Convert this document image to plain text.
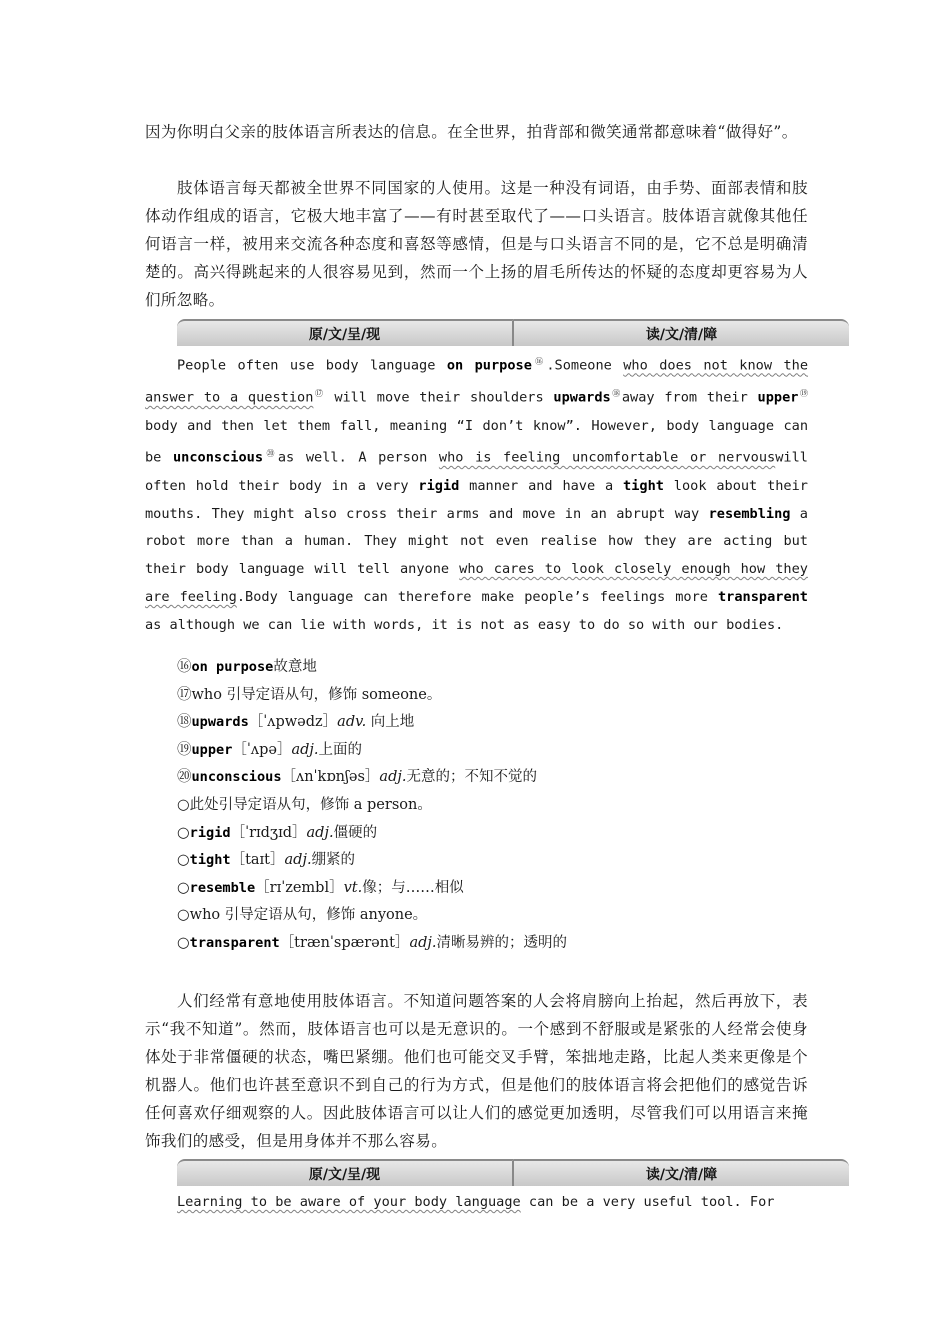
因为你明白父亲的肢体语言所表达的信息。在全世界，拍背部和微笑通常都意味着“做得好”。

肢体语言每天都被全世界不同国家的人使用。这是一种没有词语，由手势、面部表情和肢体动作组成的语言，它极大地丰富了——有时甚至取代了——口头语言。肢体语言就像其他任何语言一样，被用来交流各种态度和喜怒等感情，但是与口头语言不同的是，它不总是明确清楚的。高兴得跳起来的人很容易见到，然而一个上扬的眉毛所传达的怀疑的态度却更容易为人们所忽略。

原/文/呈/现	读/文/清/障

People often use body language on purpose⑯.Someone who does not know the answer to a question⑰ will move their shoulders upwards⑱away from their upper⑲ body and then let them fall, meaning “I don’t know”. However, body language can be unconscious⑳as well. A person who is feeling uncomfortable or nervouswill often hold their body in a very rigid manner and have a tight look about their mouths. They might also cross their arms and move in an abrupt way resembling a robot more than a human. They might not even realise how they are acting but their body language will tell anyone who cares to look closely enough how they are feeling.Body language can therefore make people’s feelings more transparent as although we can lie with words, it is not as easy to do so with our bodies.

⑯on purpose故意地
⑰who 引导定语从句，修饰 someone。
⑱upwards［ˈʌpwədz］adv. 向上地
⑲upper［ˈʌpə］adj.上面的
⑳unconscious［ʌnˈkɒnʃəs］adj.无意的；不知不觉的
○此处引导定语从句，修饰 a person。
○rigid［ˈrɪdʒɪd］adj.僵硬的
○tight［taɪt］adj.绷紧的
○resemble［rɪˈzembl］vt.像；与……相似
○who 引导定语从句，修饰 anyone。
○transparent［trænˈspærənt］adj.清晰易辨的；透明的

人们经常有意地使用肢体语言。不知道问题答案的人会将肩膀向上抬起，然后再放下，表示“我不知道”。然而，肢体语言也可以是无意识的。一个感到不舒服或是紧张的人经常会使身体处于非常僵硬的状态，嘴巴紧绷。他们也可能交叉手臂，笨拙地走路，比起人类来更像是个机器人。他们也许甚至意识不到自己的行为方式，但是他们的肢体语言将会把他们的感觉告诉任何喜欢仔细观察的人。因此肢体语言可以让人们的感觉更加透明，尽管我们可以用语言来掩饰我们的感受，但是用身体并不那么容易。

原/文/呈/现	读/文/清/障

Learning to be aware of your body language can be a very useful tool. For
